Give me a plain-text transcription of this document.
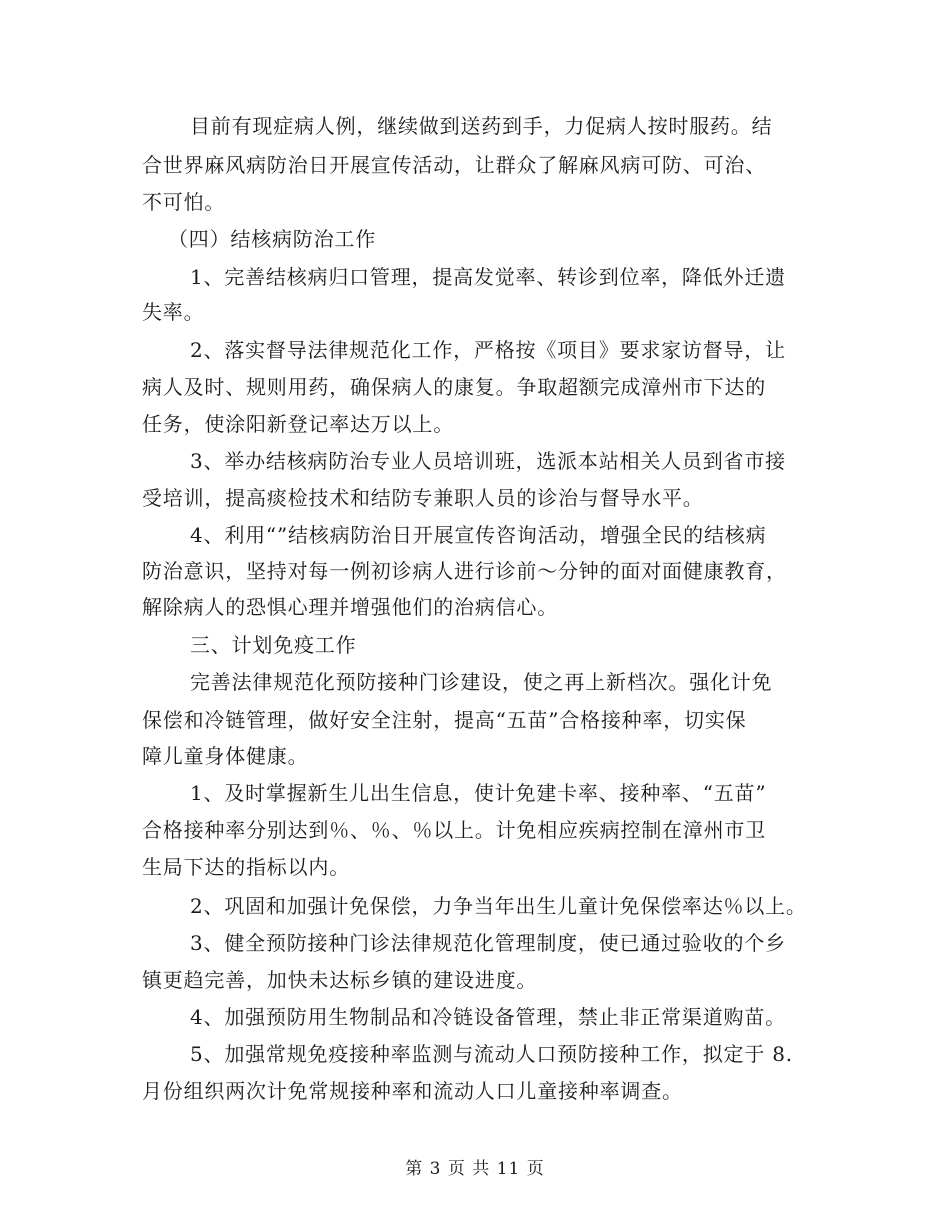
目前有现症病人例，继续做到送药到手，力促病人按时服药。结
合世界麻风病防治日开展宣传活动，让群众了解麻风病可防、可治、
不可怕。
（四）结核病防治工作
1、完善结核病归口管理，提高发觉率、转诊到位率，降低外迁遗
失率。
2、落实督导法律规范化工作，严格按《项目》要求家访督导，让
病人及时、规则用药，确保病人的康复。争取超额完成漳州市下达的
任务，使涂阳新登记率达万以上。
3、举办结核病防治专业人员培训班，选派本站相关人员到省市接
受培训，提高痰检技术和结防专兼职人员的诊治与督导水平。
4、利用“”结核病防治日开展宣传咨询活动，增强全民的结核病
防治意识，坚持对每一例初诊病人进行诊前～分钟的面对面健康教育，
解除病人的恐惧心理并增强他们的治病信心。
三、计划免疫工作
完善法律规范化预防接种门诊建设，使之再上新档次。强化计免
保偿和冷链管理，做好安全注射，提高“五苗”合格接种率，切实保
障儿童身体健康。
1、及时掌握新生儿出生信息，使计免建卡率、接种率、“五苗”
合格接种率分别达到％、％、％以上。计免相应疾病控制在漳州市卫
生局下达的指标以内。
2、巩固和加强计免保偿，力争当年出生儿童计免保偿率达％以上。
3、健全预防接种门诊法律规范化管理制度，使已通过验收的个乡
镇更趋完善，加快未达标乡镇的建设进度。
4、加强预防用生物制品和冷链设备管理，禁止非正常渠道购苗。
5、加强常规免疫接种率监测与流动人口预防接种工作，拟定于 8.
月份组织两次计免常规接种率和流动人口儿童接种率调查。
第 3 页 共 11 页
